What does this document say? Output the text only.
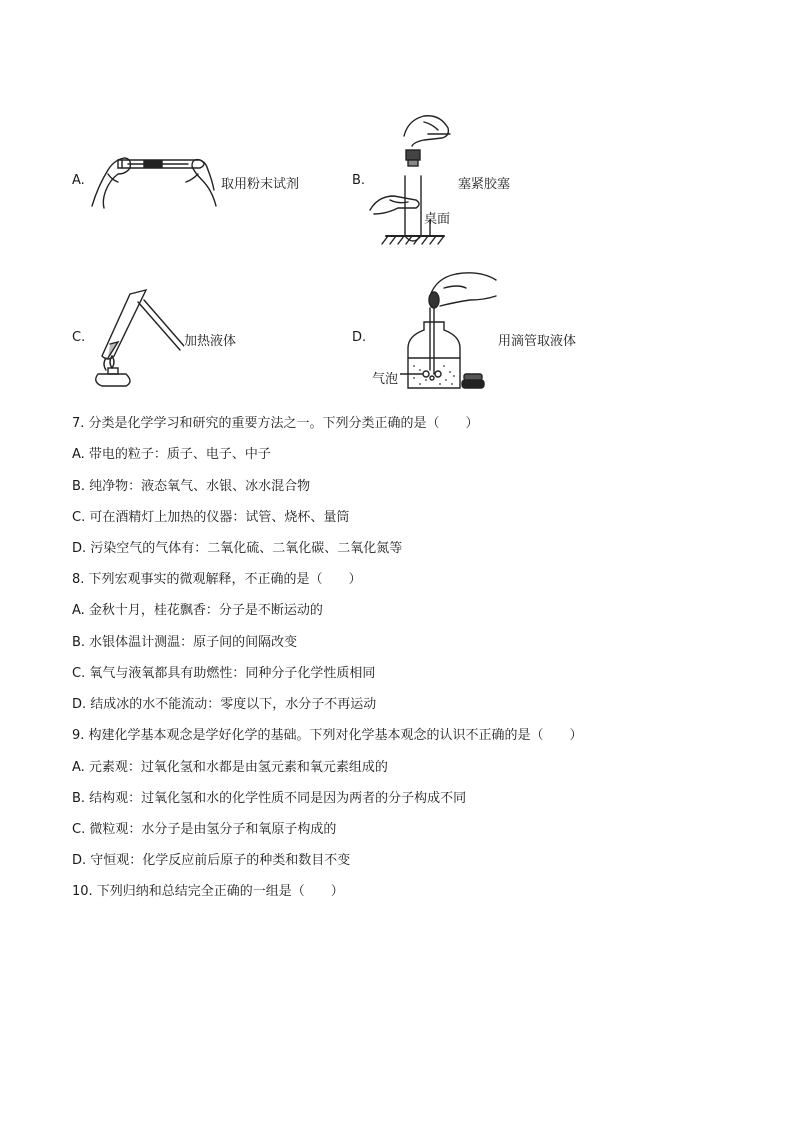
A.	取用粉末试剂	B.	塞紧胶塞
桌面
C.	加热液体	D.	用滴管取液体
气泡
7. 分类是化学学习和研究的重要方法之一。下列分类正确的是（　　）
A. 带电的粒子：质子、电子、中子
B. 纯净物：液态氧气、水银、冰水混合物
C. 可在酒精灯上加热的仪器：试管、烧杯、量筒
D. 污染空气的气体有：二氧化硫、二氧化碳、二氧化氮等
8. 下列宏观事实的微观解释，不正确的是（　　）
A. 金秋十月，桂花飘香：分子是不断运动的
B. 水银体温计测温：原子间的间隔改变
C. 氧气与液氧都具有助燃性：同种分子化学性质相同
D. 结成冰的水不能流动：零度以下，水分子不再运动
9. 构建化学基本观念是学好化学的基础。下列对化学基本观念的认识不正确的是（　　）
A. 元素观：过氧化氢和水都是由氢元素和氧元素组成的
B. 结构观：过氧化氢和水的化学性质不同是因为两者的分子构成不同
C. 微粒观：水分子是由氢分子和氧原子构成的
D. 守恒观：化学反应前后原子的种类和数目不变
10. 下列归纳和总结完全正确的一组是（　　）
